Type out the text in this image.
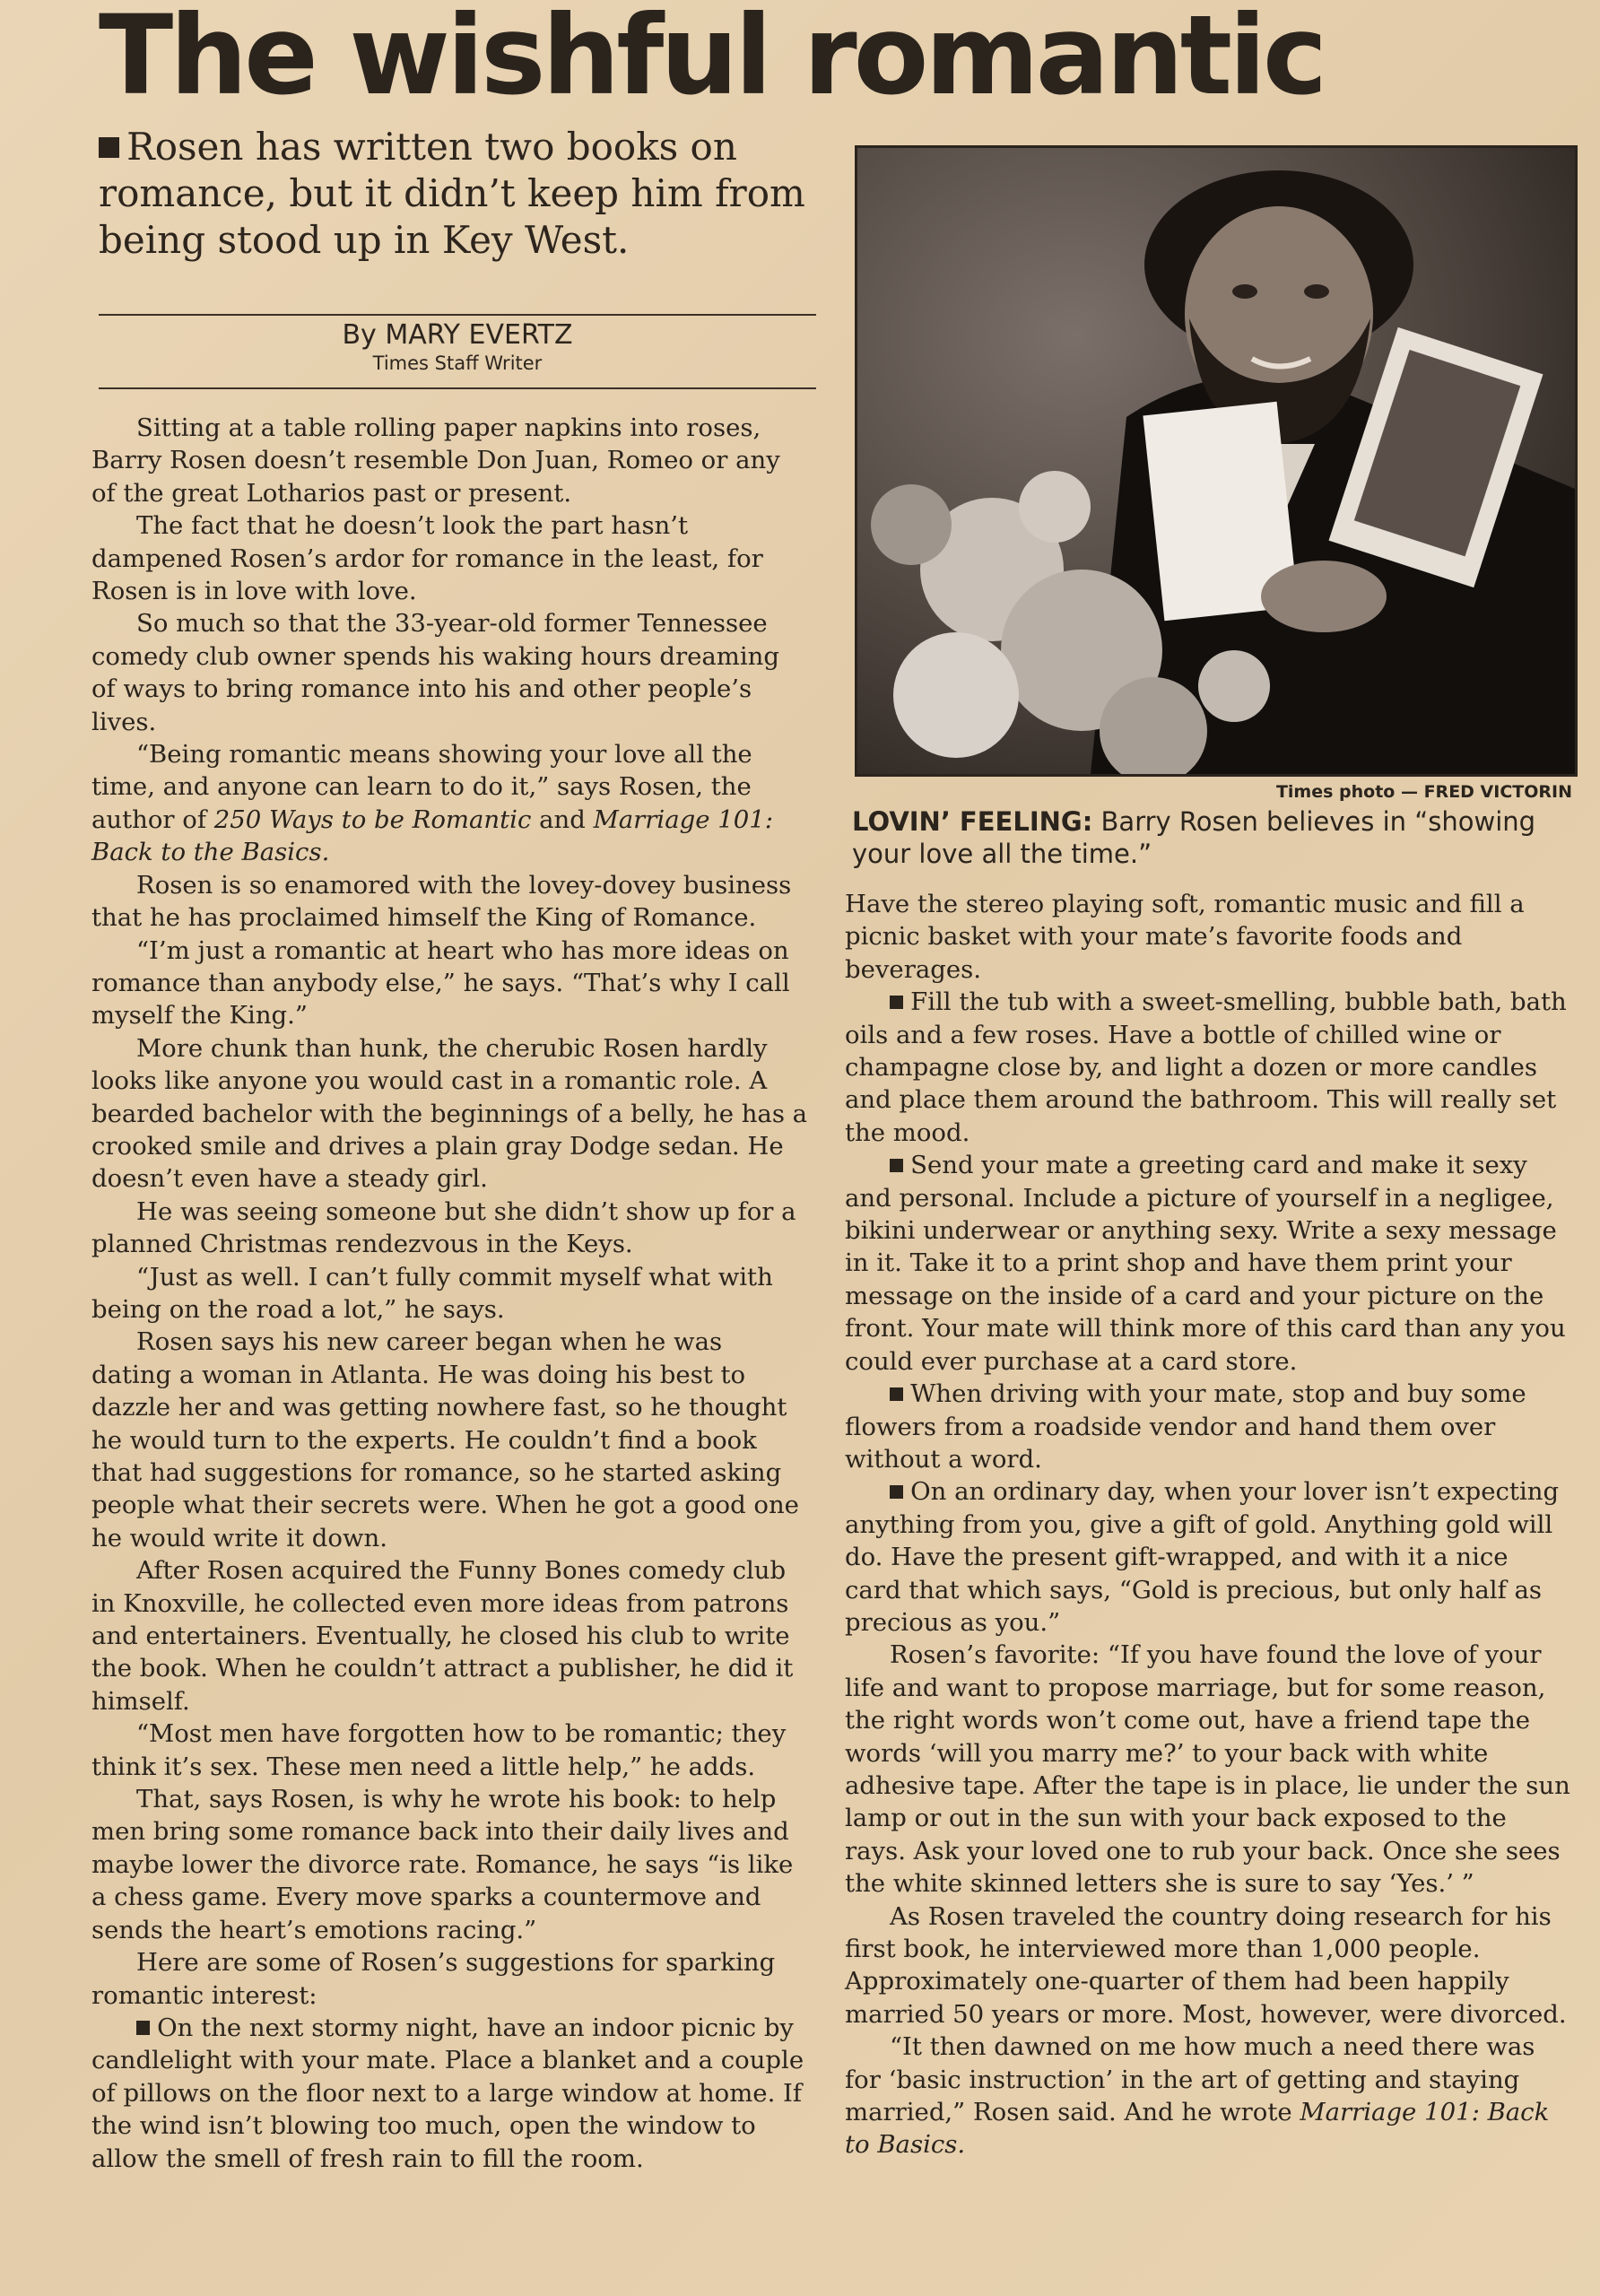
The wishful romantic
Rosen has written two books on romance, but it didn’t keep him from being stood up in Key West.
By MARY EVERTZ
Times Staff Writer

Sitting at a table rolling paper napkins into roses, Barry Rosen doesn’t resemble Don Juan, Romeo or any of the great Lotharios past or present.

The fact that he doesn’t look the part hasn’t dampened Rosen’s ardor for romance in the least, for Rosen is in love with love.

So much so that the 33-year-old former Tennessee comedy club owner spends his waking hours dreaming of ways to bring romance into his and other people’s lives.

“Being romantic means showing your love all the time, and anyone can learn to do it,” says Rosen, the author of 250 Ways to be Romantic and Marriage 101: Back to the Basics.

Rosen is so enamored with the lovey-dovey business that he has proclaimed himself the King of Romance.

“I’m just a romantic at heart who has more ideas on romance than anybody else,” he says. “That’s why I call myself the King.”

More chunk than hunk, the cherubic Rosen hardly looks like anyone you would cast in a romantic role. A bearded bachelor with the beginnings of a belly, he has a crooked smile and drives a plain gray Dodge sedan. He doesn’t even have a steady girl.

He was seeing someone but she didn’t show up for a planned Christmas rendezvous in the Keys.

“Just as well. I can’t fully commit myself what with being on the road a lot,” he says.

Rosen says his new career began when he was dating a woman in Atlanta. He was doing his best to dazzle her and was getting nowhere fast, so he thought he would turn to the experts. He couldn’t find a book that had suggestions for romance, so he started asking people what their secrets were. When he got a good one he would write it down.

After Rosen acquired the Funny Bones comedy club in Knoxville, he collected even more ideas from patrons and entertainers. Eventually, he closed his club to write the book. When he couldn’t attract a publisher, he did it himself.

“Most men have forgotten how to be romantic; they think it’s sex. These men need a little help,” he adds.

That, says Rosen, is why he wrote his book: to help men bring some romance back into their daily lives and maybe lower the divorce rate. Romance, he says “is like a chess game. Every move sparks a countermove and sends the heart’s emotions racing.”

Here are some of Rosen’s suggestions for sparking romantic interest:

On the next stormy night, have an indoor picnic by candlelight with your mate. Place a blanket and a couple of pillows on the floor next to a large window at home. If the wind isn’t blowing too much, open the window to allow the smell of fresh rain to fill the room.

Times photo — FRED VICTORIN
LOVIN’ FEELING: Barry Rosen believes in “showing your love all the time.”

Have the stereo playing soft, romantic music and fill a picnic basket with your mate’s favorite foods and beverages.

Fill the tub with a sweet-smelling, bubble bath, bath oils and a few roses. Have a bottle of chilled wine or champagne close by, and light a dozen or more candles and place them around the bathroom. This will really set the mood.

Send your mate a greeting card and make it sexy and personal. Include a picture of yourself in a negligee, bikini underwear or anything sexy. Write a sexy message in it. Take it to a print shop and have them print your message on the inside of a card and your picture on the front. Your mate will think more of this card than any you could ever purchase at a card store.

When driving with your mate, stop and buy some flowers from a roadside vendor and hand them over without a word.

On an ordinary day, when your lover isn’t expecting anything from you, give a gift of gold. Anything gold will do. Have the present gift-wrapped, and with it a nice card that which says, “Gold is precious, but only half as precious as you.”

Rosen’s favorite: “If you have found the love of your life and want to propose marriage, but for some reason, the right words won’t come out, have a friend tape the words ‘will you marry me?’ to your back with white adhesive tape. After the tape is in place, lie under the sun lamp or out in the sun with your back exposed to the rays. Ask your loved one to rub your back. Once she sees the white skinned letters she is sure to say ‘Yes.’ ”

As Rosen traveled the country doing research for his first book, he interviewed more than 1,000 people. Approximately one-quarter of them had been happily married 50 years or more. Most, however, were divorced.

“It then dawned on me how much a need there was for ‘basic instruction’ in the art of getting and staying married,” Rosen said. And he wrote Marriage 101: Back to Basics.
